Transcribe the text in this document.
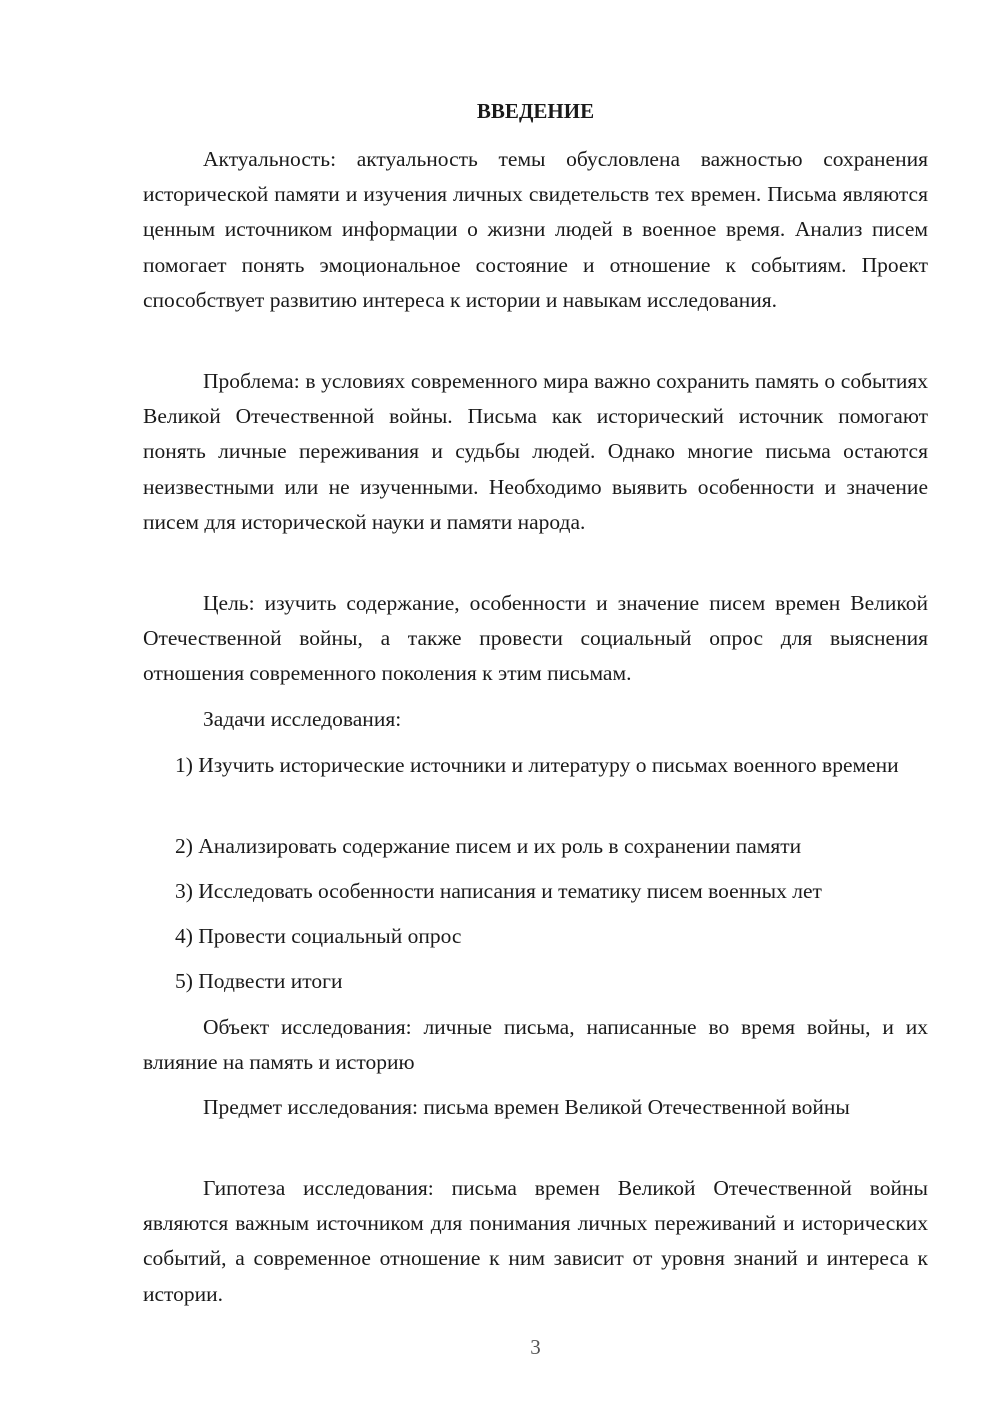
ВВЕДЕНИЕ

Актуальность: актуальность темы обусловлена важностью сохранения исторической памяти и изучения личных свидетельств тех времен. Письма являются ценным источником информации о жизни людей в военное время. Анализ писем помогает понять эмоциональное состояние и отношение к событиям. Проект способствует развитию интереса к истории и навыкам исследования.

Проблема: в условиях современного мира важно сохранить память о событиях Великой Отечественной войны. Письма как исторический источник помогают понять личные переживания и судьбы людей. Однако многие письма остаются неизвестными или не изученными. Необходимо выявить особенности и значение писем для исторической науки и памяти народа.

Цель: изучить содержание, особенности и значение писем времен Великой Отечественной войны, а также провести социальный опрос для выяснения отношения современного поколения к этим письмам.

Задачи исследования:

1) Изучить исторические источники и литературу о письмах военного времени

2) Анализировать содержание писем и их роль в сохранении памяти

3) Исследовать особенности написания и тематику писем военных лет

4) Провести социальный опрос

5) Подвести итоги

Объект исследования: личные письма, написанные во время войны, и их влияние на память и историю

Предмет исследования: письма времен Великой Отечественной войны

Гипотеза исследования: письма времен Великой Отечественной войны являются важным источником для понимания личных переживаний и исторических событий, а современное отношение к ним зависит от уровня знаний и интереса к истории.

3
